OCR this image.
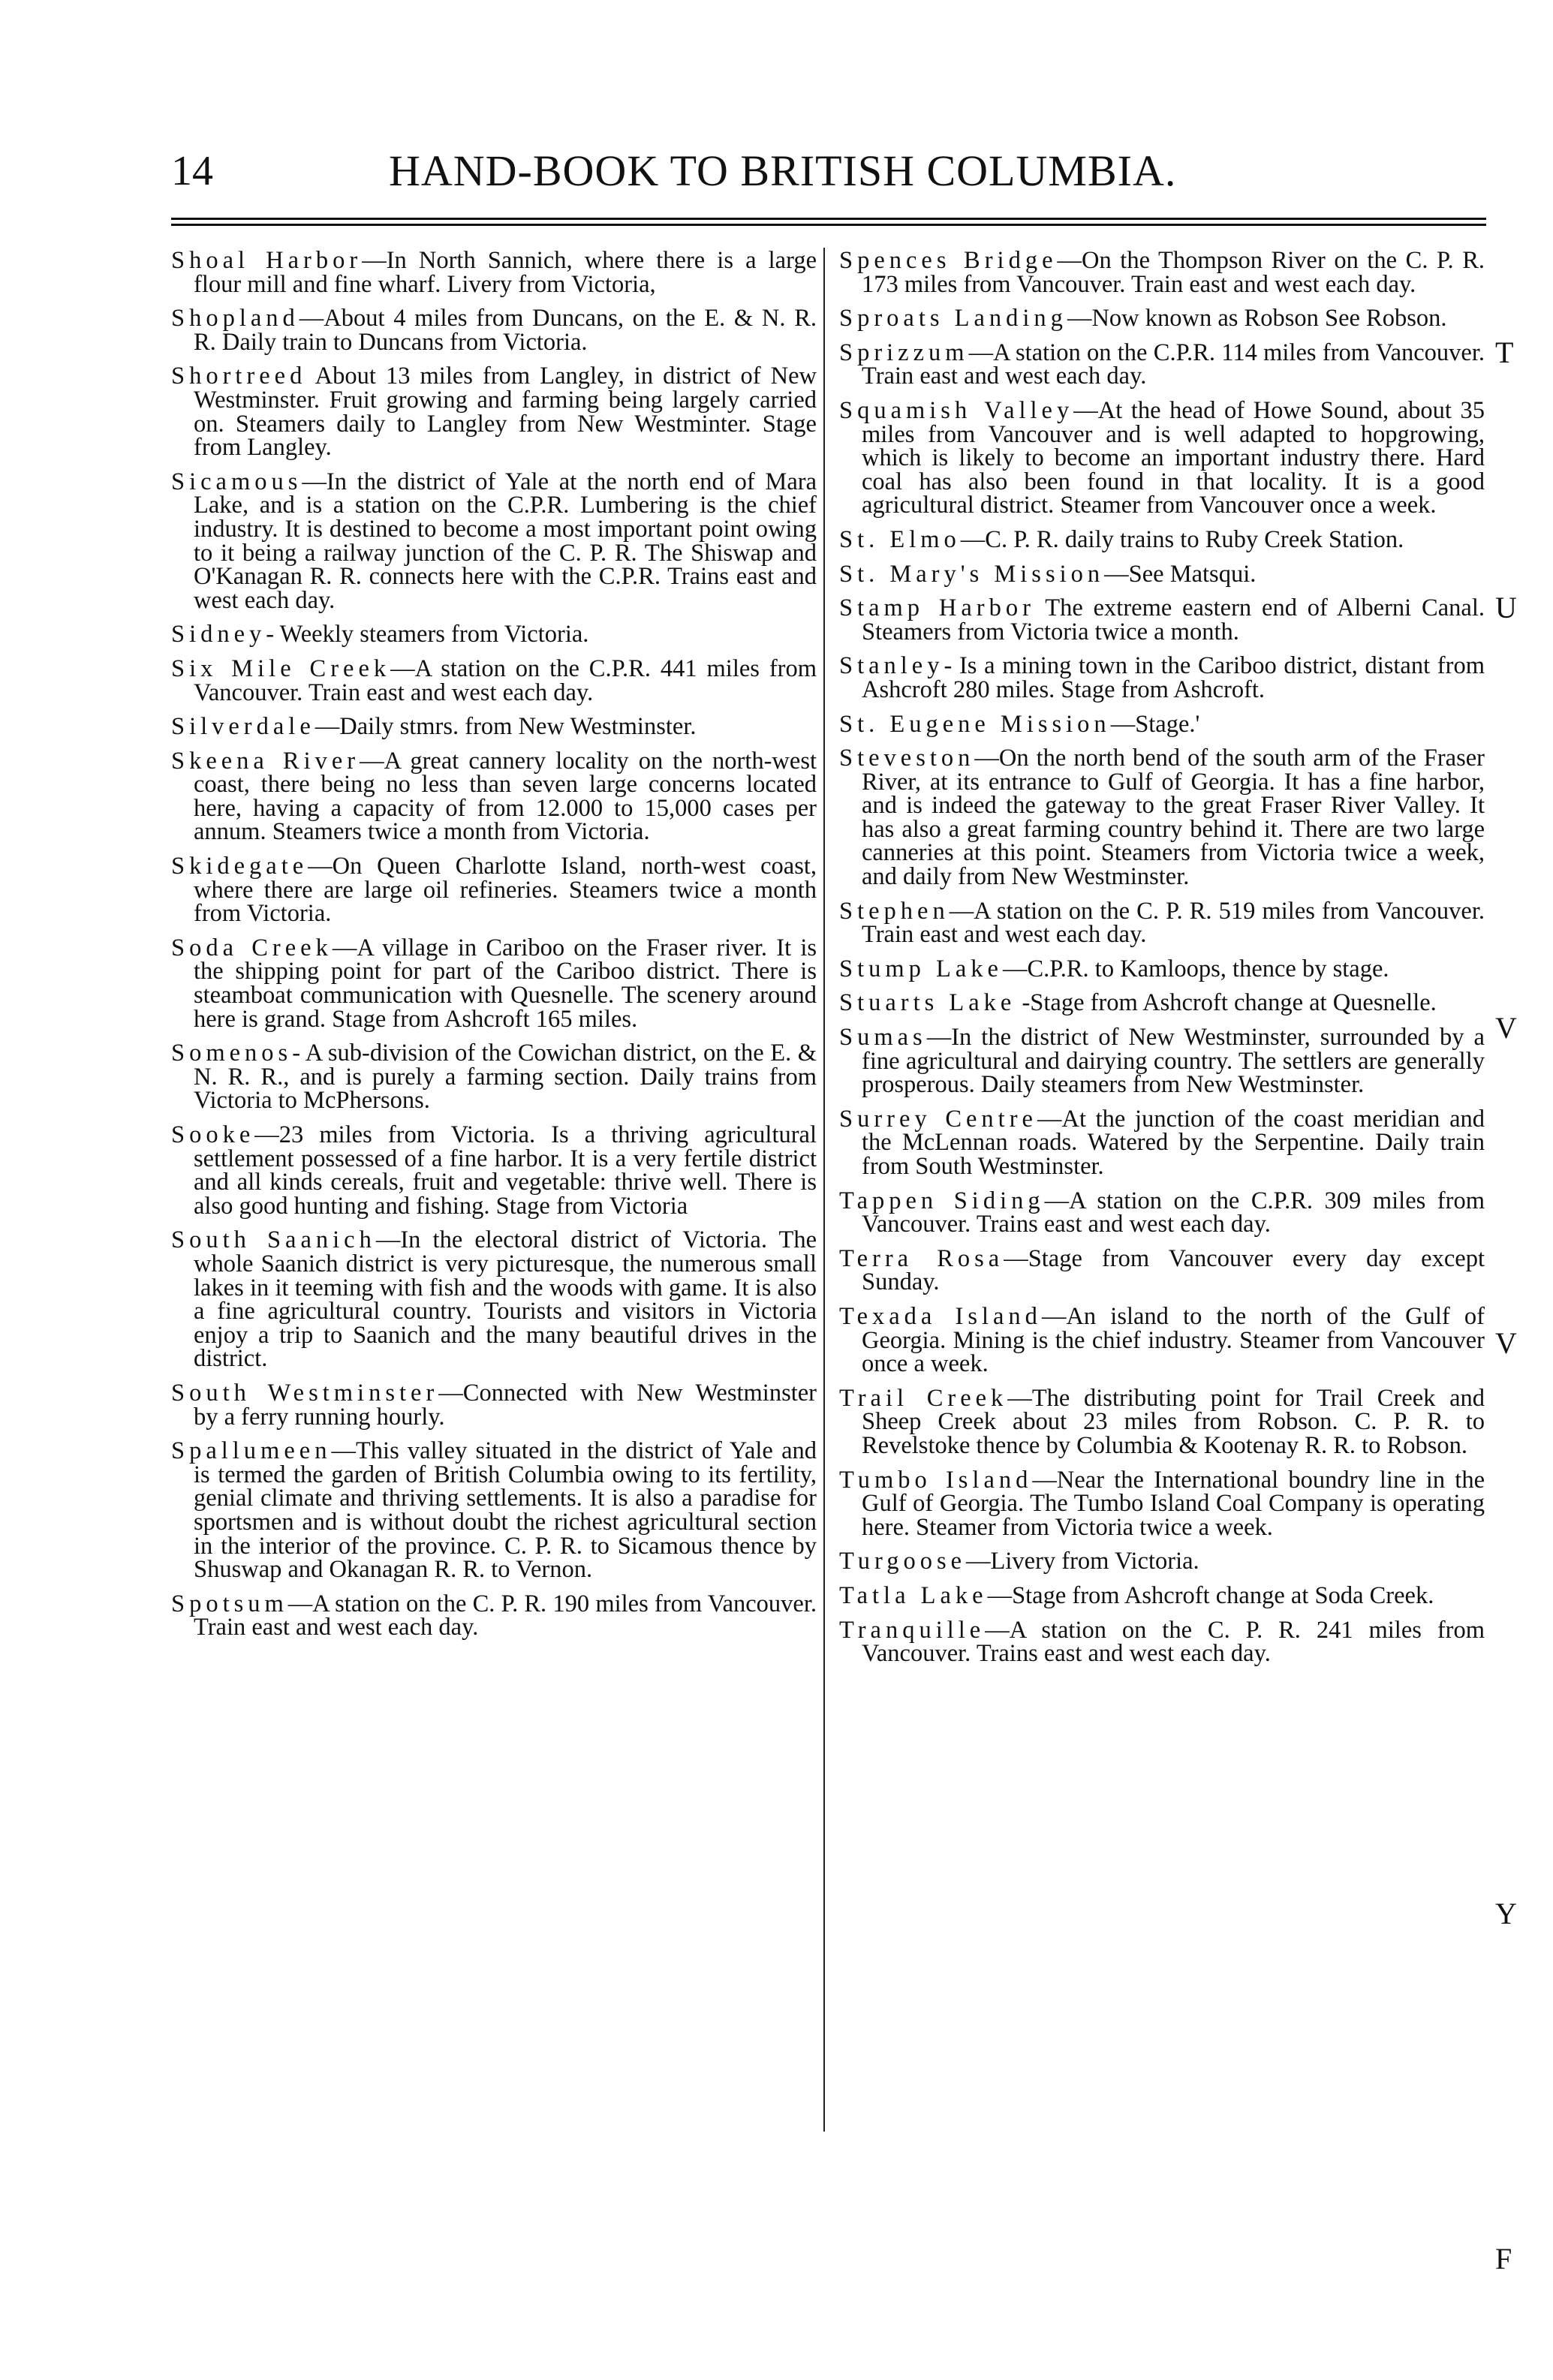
14	HAND-BOOK TO BRITISH COLUMBIA.

Shoal Harbor—In North Sannich, where there is a large flour mill and fine wharf. Livery from Victoria,

Shopland—About 4 miles from Duncans, on the E. & N. R. R. Daily train to Duncans from Victoria.

Shortreed About 13 miles from Langley, in district of New Westminster. Fruit growing and farming being largely carried on. Steamers daily to Langley from New Westminter. Stage from Langley.

Sicamous—In the district of Yale at the north end of Mara Lake, and is a station on the C.P.R. Lumbering is the chief industry. It is destined to become a most important point owing to it being a railway junction of the C. P. R. The Shiswap and O'Kanagan R. R. connects here with the C.P.R. Trains east and west each day.

Sidney- Weekly steamers from Victoria.

Six Mile Creek—A station on the C.P.R. 441 miles from Vancouver. Train east and west each day.

Silverdale—Daily stmrs. from New Westminster.

Skeena River—A great cannery locality on the north-west coast, there being no less than seven large concerns located here, having a capacity of from 12.000 to 15,000 cases per annum. Steamers twice a month from Victoria.

Skidegate—On Queen Charlotte Island, north-west coast, where there are large oil refineries. Steamers twice a month from Victoria.

Soda Creek—A village in Cariboo on the Fraser river. It is the shipping point for part of the Cariboo district. There is steamboat communication with Quesnelle. The scenery around here is grand. Stage from Ashcroft 165 miles.

Somenos- A sub-division of the Cowichan district, on the E. & N. R. R., and is purely a farming section. Daily trains from Victoria to McPhersons.

Sooke—23 miles from Victoria. Is a thriving agricultural settlement possessed of a fine harbor. It is a very fertile district and all kinds cereals, fruit and vegetable: thrive well. There is also good hunting and fishing. Stage from Victoria

South Saanich—In the electoral district of Victoria. The whole Saanich district is very picturesque, the numerous small lakes in it teeming with fish and the woods with game. It is also a fine agricultural country. Tourists and visitors in Victoria enjoy a trip to Saanich and the many beautiful drives in the district.

South Westminster—Connected with New Westminster by a ferry running hourly.

Spallumeen—This valley situated in the district of Yale and is termed the garden of British Columbia owing to its fertility, genial climate and thriving settlements. It is also a paradise for sportsmen and is without doubt the richest agricultural section in the interior of the province. C. P. R. to Sicamous thence by Shuswap and Okanagan R. R. to Vernon.

Spotsum—A station on the C. P. R. 190 miles from Vancouver. Train east and west each day.

Spences Bridge—On the Thompson River on the C. P. R. 173 miles from Vancouver. Train east and west each day.

Sproats Landing—Now known as Robson See Robson.

Sprizzum—A station on the C.P.R. 114 miles from Vancouver. Train east and west each day.

Squamish Valley—At the head of Howe Sound, about 35 miles from Vancouver and is well adapted to hopgrowing, which is likely to become an important industry there. Hard coal has also been found in that locality. It is a good agricultural district. Steamer from Vancouver once a week.

St. Elmo—C. P. R. daily trains to Ruby Creek Station.

St. Mary's Mission—See Matsqui.

Stamp Harbor The extreme eastern end of Alberni Canal. Steamers from Victoria twice a month.

Stanley- Is a mining town in the Cariboo district, distant from Ashcroft 280 miles. Stage from Ashcroft.

St. Eugene Mission—Stage.'

Steveston—On the north bend of the south arm of the Fraser River, at its entrance to Gulf of Georgia. It has a fine harbor, and is indeed the gateway to the great Fraser River Valley. It has also a great farming country behind it. There are two large canneries at this point. Steamers from Victoria twice a week, and daily from New Westminster.

Stephen—A station on the C. P. R. 519 miles from Vancouver. Train east and west each day.

Stump Lake—C.P.R. to Kamloops, thence by stage.

Stuarts Lake -Stage from Ashcroft change at Quesnelle.

Sumas—In the district of New Westminster, surrounded by a fine agricultural and dairying country. The settlers are generally prosperous. Daily steamers from New Westminster.

Surrey Centre—At the junction of the coast meridian and the McLennan roads. Watered by the Serpentine. Daily train from South Westminster.

Tappen Siding—A station on the C.P.R. 309 miles from Vancouver. Trains east and west each day.

Terra Rosa—Stage from Vancouver every day except Sunday.

Texada Island—An island to the north of the Gulf of Georgia. Mining is the chief industry. Steamer from Vancouver once a week.

Trail Creek—The distributing point for Trail Creek and Sheep Creek about 23 miles from Robson. C. P. R. to Revelstoke thence by Columbia & Kootenay R. R. to Robson.

Tumbo Island—Near the International boundry line in the Gulf of Georgia. The Tumbo Island Coal Company is operating here. Steamer from Victoria twice a week.

Turgoose—Livery from Victoria.

Tatla Lake—Stage from Ashcroft change at Soda Creek.

Tranquille—A station on the C. P. R. 241 miles from Vancouver. Trains east and west each day.

T
U
V
V
Y
F
